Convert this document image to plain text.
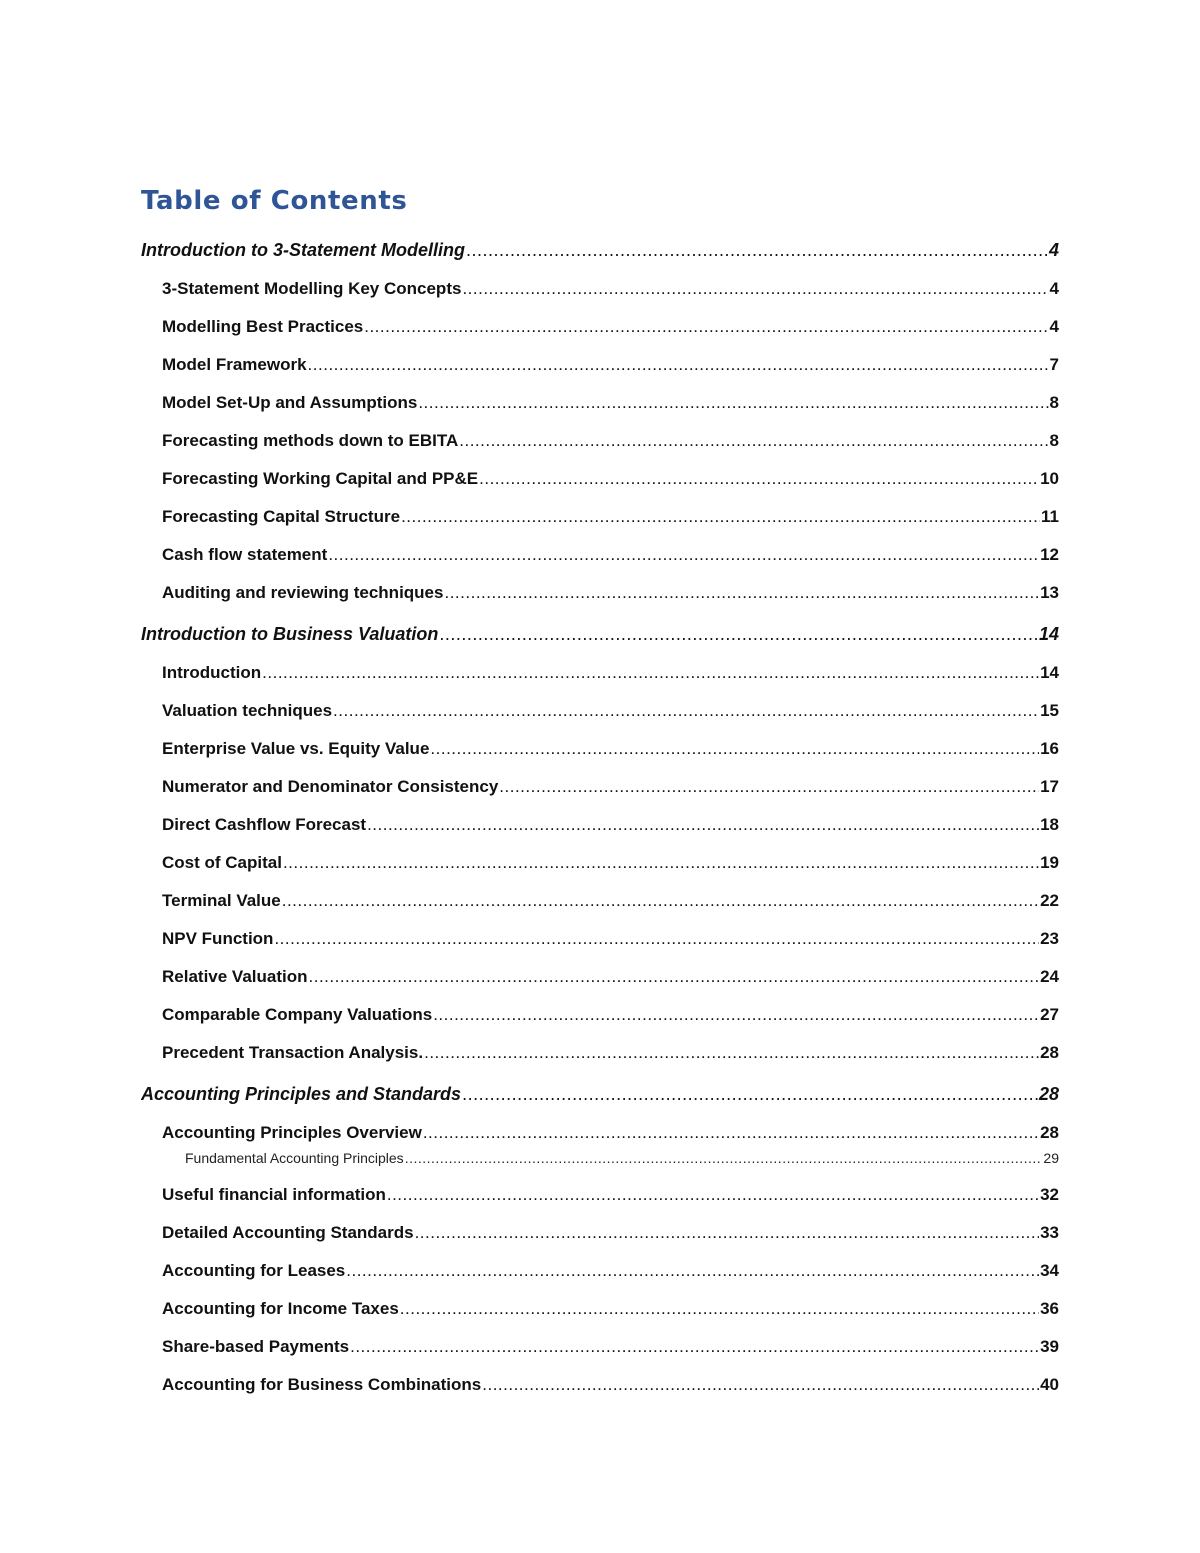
Table of Contents
Introduction to 3-Statement Modelling .....	4
3-Statement Modelling Key Concepts .....	4
Modelling Best Practices .....	4
Model Framework .....	7
Model Set-Up and Assumptions .....	8
Forecasting methods down to EBITA .....	8
Forecasting Working Capital and PP&E .....	10
Forecasting Capital Structure .....	11
Cash flow statement .....	12
Auditing and reviewing techniques .....	13
Introduction to Business Valuation .....	14
Introduction .....	14
Valuation techniques .....	15
Enterprise Value vs. Equity Value .....	16
Numerator and Denominator Consistency .....	17
Direct Cashflow Forecast .....	18
Cost of Capital .....	19
Terminal Value .....	22
NPV Function .....	23
Relative Valuation .....	24
Comparable Company Valuations .....	27
Precedent Transaction Analysis. .....	28
Accounting Principles and Standards .....	28
Accounting Principles Overview .....	28
Fundamental Accounting Principles .....	29
Useful financial information .....	32
Detailed Accounting Standards .....	33
Accounting for Leases .....	34
Accounting for Income Taxes .....	36
Share-based Payments .....	39
Accounting for Business Combinations .....	40
